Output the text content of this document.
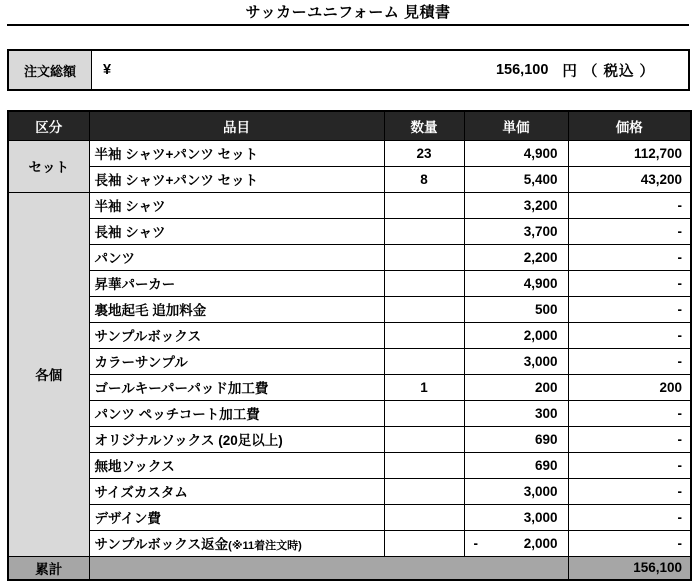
サッカーユニフォーム 見積書
注文総額	¥	156,100 円 （ 税込 ）
区分	品目	数量	単価	価格
セット	半袖 シャツ+パンツ セット	23	4,900	112,700
	長袖 シャツ+パンツ セット	8	5,400	43,200
各個	半袖 シャツ		3,200	-
	長袖 シャツ		3,700	-
	パンツ		2,200	-
	昇華パーカー		4,900	-
	裏地起毛 追加料金		500	-
	サンプルボックス		2,000	-
	カラーサンプル		3,000	-
	ゴールキーパーパッド加工費	1	200	200
	パンツ ペッチコート加工費		300	-
	オリジナルソックス (20足以上)		690	-
	無地ソックス		690	-
	サイズカスタム		3,000	-
	デザイン費		3,000	-
	サンプルボックス返金(※11着注文時)		- 2,000	-
累計				156,100
